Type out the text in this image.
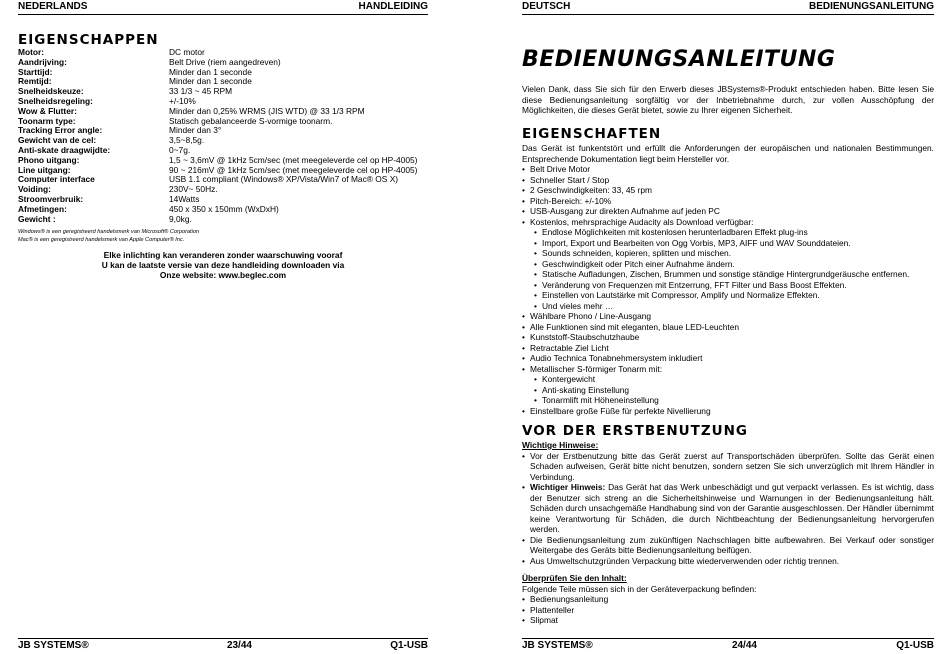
NEDERLANDS	HANDLEIDING
EIGENSCHAPPEN
Motor:	DC motor
Aandrijving:	Belt Drive (riem aangedreven)
Starttijd:	Minder dan 1 seconde
Remtijd:	Minder dan 1 seconde
Snelheidskeuze:	33 1/3 ~ 45 RPM
Snelheidsregeling:	+/-10%
Wow & Flutter:	Minder dan 0,25% WRMS (JIS WTD) @ 33 1/3 RPM
Toonarm type:	Statisch gebalanceerde S-vormige toonarm.
Tracking Error angle:	Minder dan 3°
Gewicht van de cel:	3,5~8,5g.
Anti-skate draagwijdte:	0~7g.
Phono uitgang:	1,5 ~ 3,6mV @ 1kHz 5cm/sec (met meegeleverde cel op HP-4005)
Line uitgang:	90 ~ 216mV @ 1kHz 5cm/sec (met meegeleverde cel op HP-4005)
Computer interface	USB 1.1 compliant (Windows® XP/Vista/Win7 of Mac® OS X)
Voiding:	230V~ 50Hz.
Stroomverbruik:	14Watts
Afmetingen:	450 x 350 x 150mm (WxDxH)
Gewicht :	9,0kg.
Windows® is een geregistreerd handelsmerk van Microsoft® Corporation
Mac® is een geregistreerd handelsmerk van Apple Computer® Inc.
Elke inlichting kan veranderen zonder waarschuwing vooraf
U kan de laatste versie van deze handleiding downloaden via
Onze website: www.beglec.com
JB SYSTEMS®	23/44	Q1-USB
DEUTSCH	BEDIENUNGSANLEITUNG
BEDIENUNGSANLEITUNG
Vielen Dank, dass Sie sich für den Erwerb dieses JBSystems®-Produkt entschieden haben. Bitte lesen Sie diese Bedienungsanleitung sorgfältig vor der Inbetriebnahme durch, zur vollen Ausschöpfung der Möglichkeiten, die dieses Gerät bietet, sowie zu Ihrer eigenen Sicherheit.
EIGENSCHAFTEN
Das Gerät ist funkentstört und erfüllt die Anforderungen der europäischen und nationalen Bestimmungen. Entsprechende Dokumentation liegt beim Hersteller vor.
• Belt Drive Motor
• Schneller Start / Stop
• 2 Geschwindigkeiten: 33, 45 rpm
• Pitch-Bereich: +/-10%
• USB-Ausgang zur direkten Aufnahme auf jeden PC
• Kostenlos, mehrsprachige Audacity als Download verfügbar:
• Endlose Möglichkeiten mit kostenlosen herunterladbaren Effekt plug-ins
• Import, Export und Bearbeiten von Ogg Vorbis, MP3, AIFF und WAV Sounddateien.
• Sounds schneiden, kopieren, splitten und mischen.
• Geschwindigkeit oder Pitch einer Aufnahme ändern.
• Statische Aufladungen, Zischen, Brummen und sonstige ständige Hintergrundgeräusche entfernen.
• Veränderung von Frequenzen mit Entzerrung, FFT Filter und Bass Boost Effekten.
• Einstellen von Lautstärke mit Compressor, Amplify und Normalize Effekten.
• Und vieles mehr …
• Wählbare Phono / Line-Ausgang
• Alle Funktionen sind mit eleganten, blaue LED-Leuchten
• Kunststoff-Staubschutzhaube
• Retractable Ziel Licht
• Audio Technica Tonabnehmersystem inkludiert
• Metallischer S-förmiger Tonarm mit:
• Kontergewicht
• Anti-skating Einstellung
• Tonarmlift mit Höheneinstellung
• Einstellbare große Füße für perfekte Nivellierung
VOR DER ERSTBENUTZUNG
Wichtige Hinweise:
• Vor der Erstbenutzung bitte das Gerät zuerst auf Transportschäden überprüfen. Sollte das Gerät einen Schaden aufweisen, Gerät bitte nicht benutzen, sondern setzen Sie sich unverzüglich mit Ihrem Händler in Verbindung.
• Wichtiger Hinweis: Das Gerät hat das Werk unbeschädigt und gut verpackt verlassen. Es ist wichtig, dass der Benutzer sich streng an die Sicherheitshinweise und Warnungen in der Bedienungsanleitung hält. Schäden durch unsachgemäße Handhabung sind von der Garantie ausgeschlossen. Der Händler übernimmt keine Verantwortung für Schäden, die durch Nichtbeachtung der Bedienungsanleitung hervorgerufen werden.
• Die Bedienungsanleitung zum zukünftigen Nachschlagen bitte aufbewahren. Bei Verkauf oder sonstiger Weitergabe des Geräts bitte Bedienungsanleitung beifügen.
• Aus Umweltschutzgründen Verpackung bitte wiederverwenden oder richtig trennen.
Überprüfen Sie den Inhalt:
Folgende Teile müssen sich in der Geräteverpackung befinden:
• Bedienungsanleitung
• Plattenteller
• Slipmat
JB SYSTEMS®	24/44	Q1-USB
